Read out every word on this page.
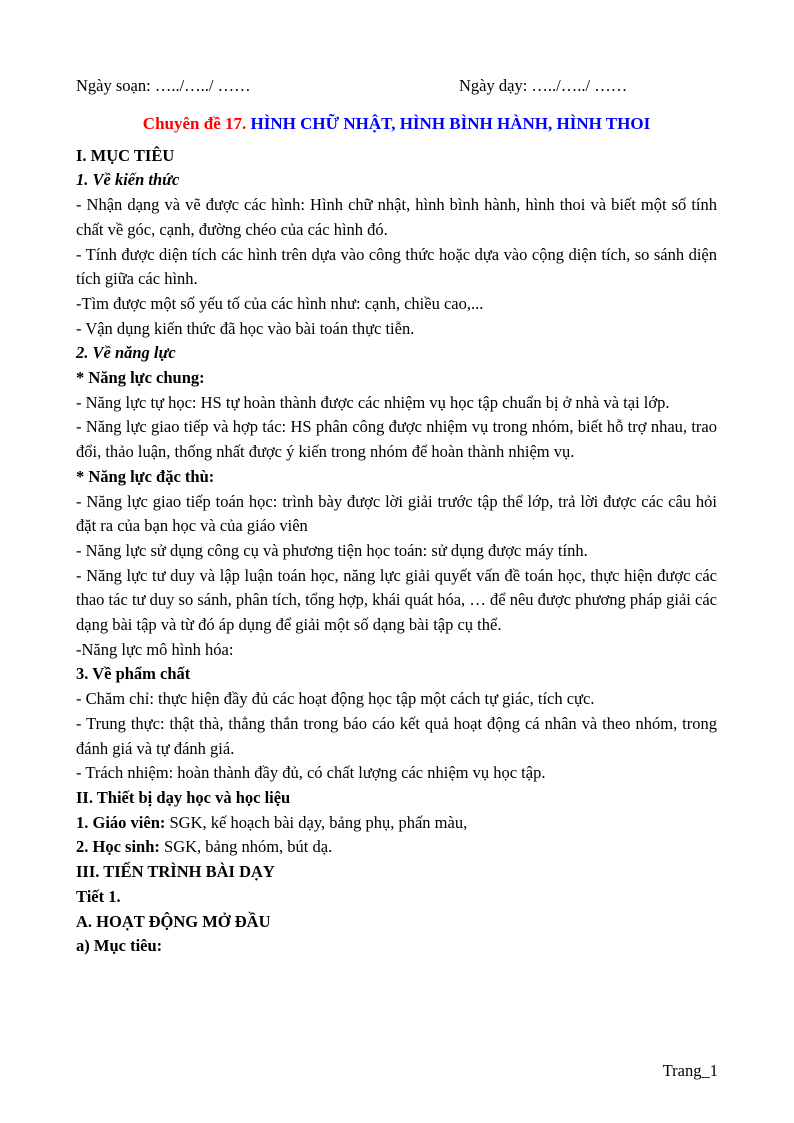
Ngày soạn: …../…../ ……	Ngày dạy: …../…../ ……
Chuyên đề 17. HÌNH CHỮ NHẬT, HÌNH BÌNH HÀNH, HÌNH THOI
I. MỤC TIÊU
1. Về kiến thức
- Nhận dạng và vẽ được các hình: Hình chữ nhật, hình bình hành, hình thoi và biết một số tính chất về góc, cạnh, đường chéo của các hình đó.
- Tính được diện tích các hình trên dựa vào công thức hoặc dựa vào cộng diện tích, so sánh diện tích giữa các hình.
-Tìm được một số yếu tố của các hình như: cạnh, chiều cao,...
- Vận dụng kiến thức đã học vào bài toán thực tiễn.
2. Về năng lực
* Năng lực chung:
- Năng lực tự học: HS tự hoàn thành được các nhiệm vụ học tập chuẩn bị ở nhà và tại lớp.
- Năng lực giao tiếp và hợp tác: HS phân công được nhiệm vụ trong nhóm, biết hỗ trợ nhau, trao đổi, thảo luận, thống nhất được ý kiến trong nhóm để hoàn thành nhiệm vụ.
* Năng lực đặc thù:
- Năng lực giao tiếp toán học: trình bày được lời giải trước tập thể lớp, trả lời được các câu hỏi đặt ra của bạn học và của giáo viên
- Năng lực sử dụng công cụ và phương tiện học toán: sử dụng được máy tính.
- Năng lực tư duy và lập luận toán học, năng lực giải quyết vấn đề toán học, thực hiện được các thao tác tư duy so sánh, phân tích, tổng hợp, khái quát hóa, … để nêu được phương pháp giải các dạng bài tập và từ đó áp dụng để giải một số dạng bài tập cụ thể.
-Năng lực mô hình hóa:
3. Về phẩm chất
- Chăm chỉ: thực hiện đầy đủ các hoạt động học tập một cách tự giác, tích cực.
- Trung thực: thật thà, thẳng thắn trong báo cáo kết quả hoạt động cá nhân và theo nhóm, trong đánh giá và tự đánh giá.
- Trách nhiệm: hoàn thành đầy đủ, có chất lượng các nhiệm vụ học tập.
II. Thiết bị dạy học và học liệu
1. Giáo viên: SGK, kế hoạch bài dạy, bảng phụ, phấn màu,
2. Học sinh: SGK, bảng nhóm, bút dạ.
III. TIẾN TRÌNH BÀI DẠY
Tiết 1.
A. HOẠT ĐỘNG MỞ ĐẦU
a) Mục tiêu:
Trang_1
